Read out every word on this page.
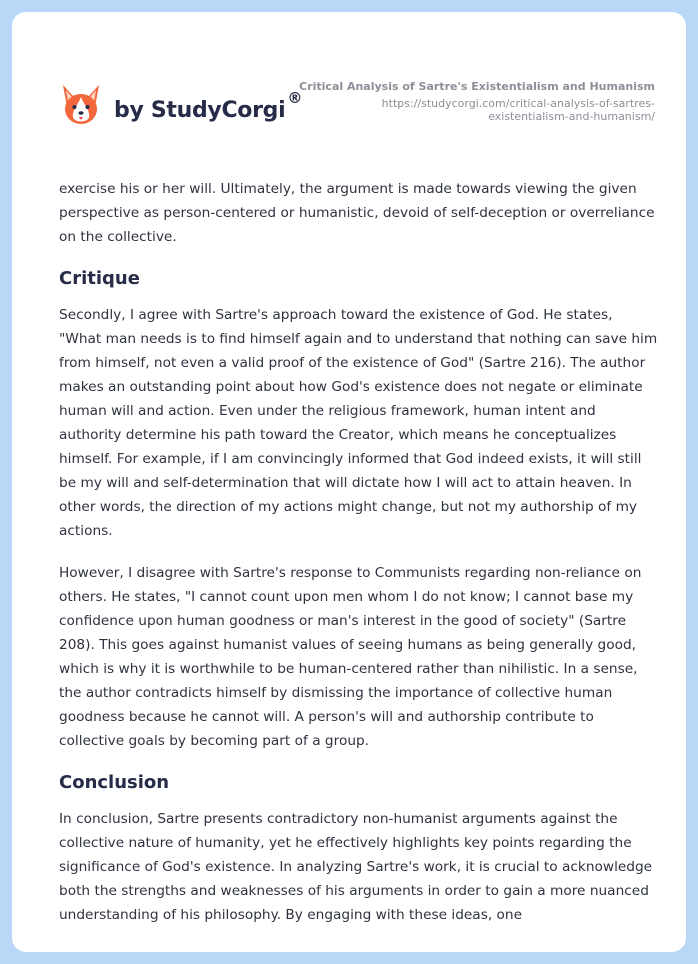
by StudyCorgi ®
Critical Analysis of Sartre's Existentialism and Humanism
https://studycorgi.com/critical-analysis-of-sartres-
existentialism-and-humanism/

exercise his or her will. Ultimately, the argument is made towards viewing the given perspective as person-centered or humanistic, devoid of self-deception or overreliance on the collective.

Critique

Secondly, I agree with Sartre's approach toward the existence of God. He states, "What man needs is to find himself again and to understand that nothing can save him from himself, not even a valid proof of the existence of God" (Sartre 216). The author makes an outstanding point about how God's existence does not negate or eliminate human will and action. Even under the religious framework, human intent and authority determine his path toward the Creator, which means he conceptualizes himself. For example, if I am convincingly informed that God indeed exists, it will still be my will and self-determination that will dictate how I will act to attain heaven. In other words, the direction of my actions might change, but not my authorship of my actions.

However, I disagree with Sartre's response to Communists regarding non-reliance on others. He states, "I cannot count upon men whom I do not know; I cannot base my confidence upon human goodness or man's interest in the good of society" (Sartre 208). This goes against humanist values of seeing humans as being generally good, which is why it is worthwhile to be human-centered rather than nihilistic. In a sense, the author contradicts himself by dismissing the importance of collective human goodness because he cannot will. A person's will and authorship contribute to collective goals by becoming part of a group.

Conclusion

In conclusion, Sartre presents contradictory non-humanist arguments against the collective nature of humanity, yet he effectively highlights key points regarding the significance of God's existence. In analyzing Sartre's work, it is crucial to acknowledge both the strengths and weaknesses of his arguments in order to gain a more nuanced understanding of his philosophy. By engaging with these ideas, one
